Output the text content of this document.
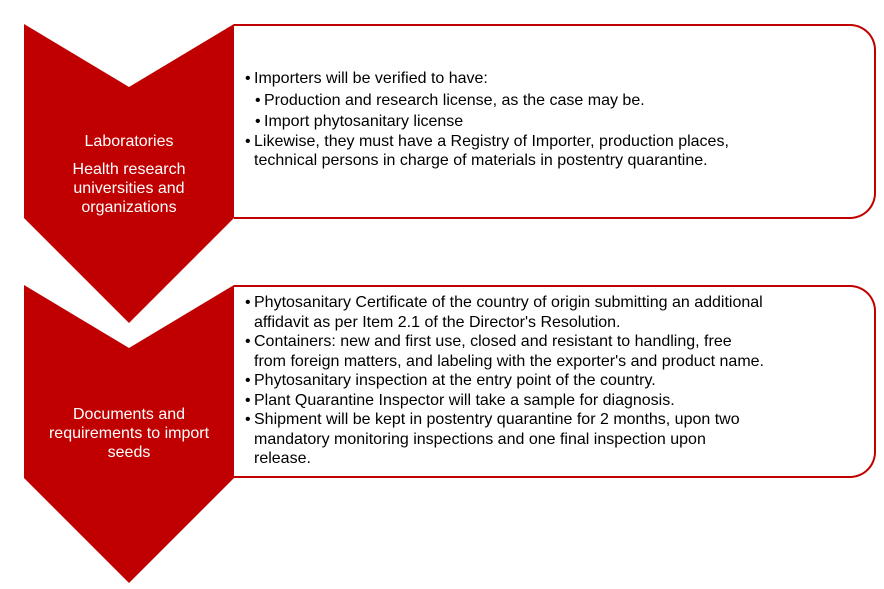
Laboratories
Health research
universities and
organizations
• Importers will be verified to have:
• Production and research license, as the case may be.
• Import phytosanitary license
• Likewise, they must have a Registry of Importer, production places,
technical persons in charge of materials in postentry quarantine.
Documents and
requirements to import
seeds
• Phytosanitary Certificate of the country of origin submitting an additional
affidavit as per Item 2.1 of the Director's Resolution.
• Containers: new and first use, closed and resistant to handling, free
from foreign matters, and labeling with the exporter's and product name.
• Phytosanitary inspection at the entry point of the country.
• Plant Quarantine Inspector will take a sample for diagnosis.
• Shipment will be kept in postentry quarantine for 2 months, upon two
mandatory monitoring inspections and one final inspection upon
release.
